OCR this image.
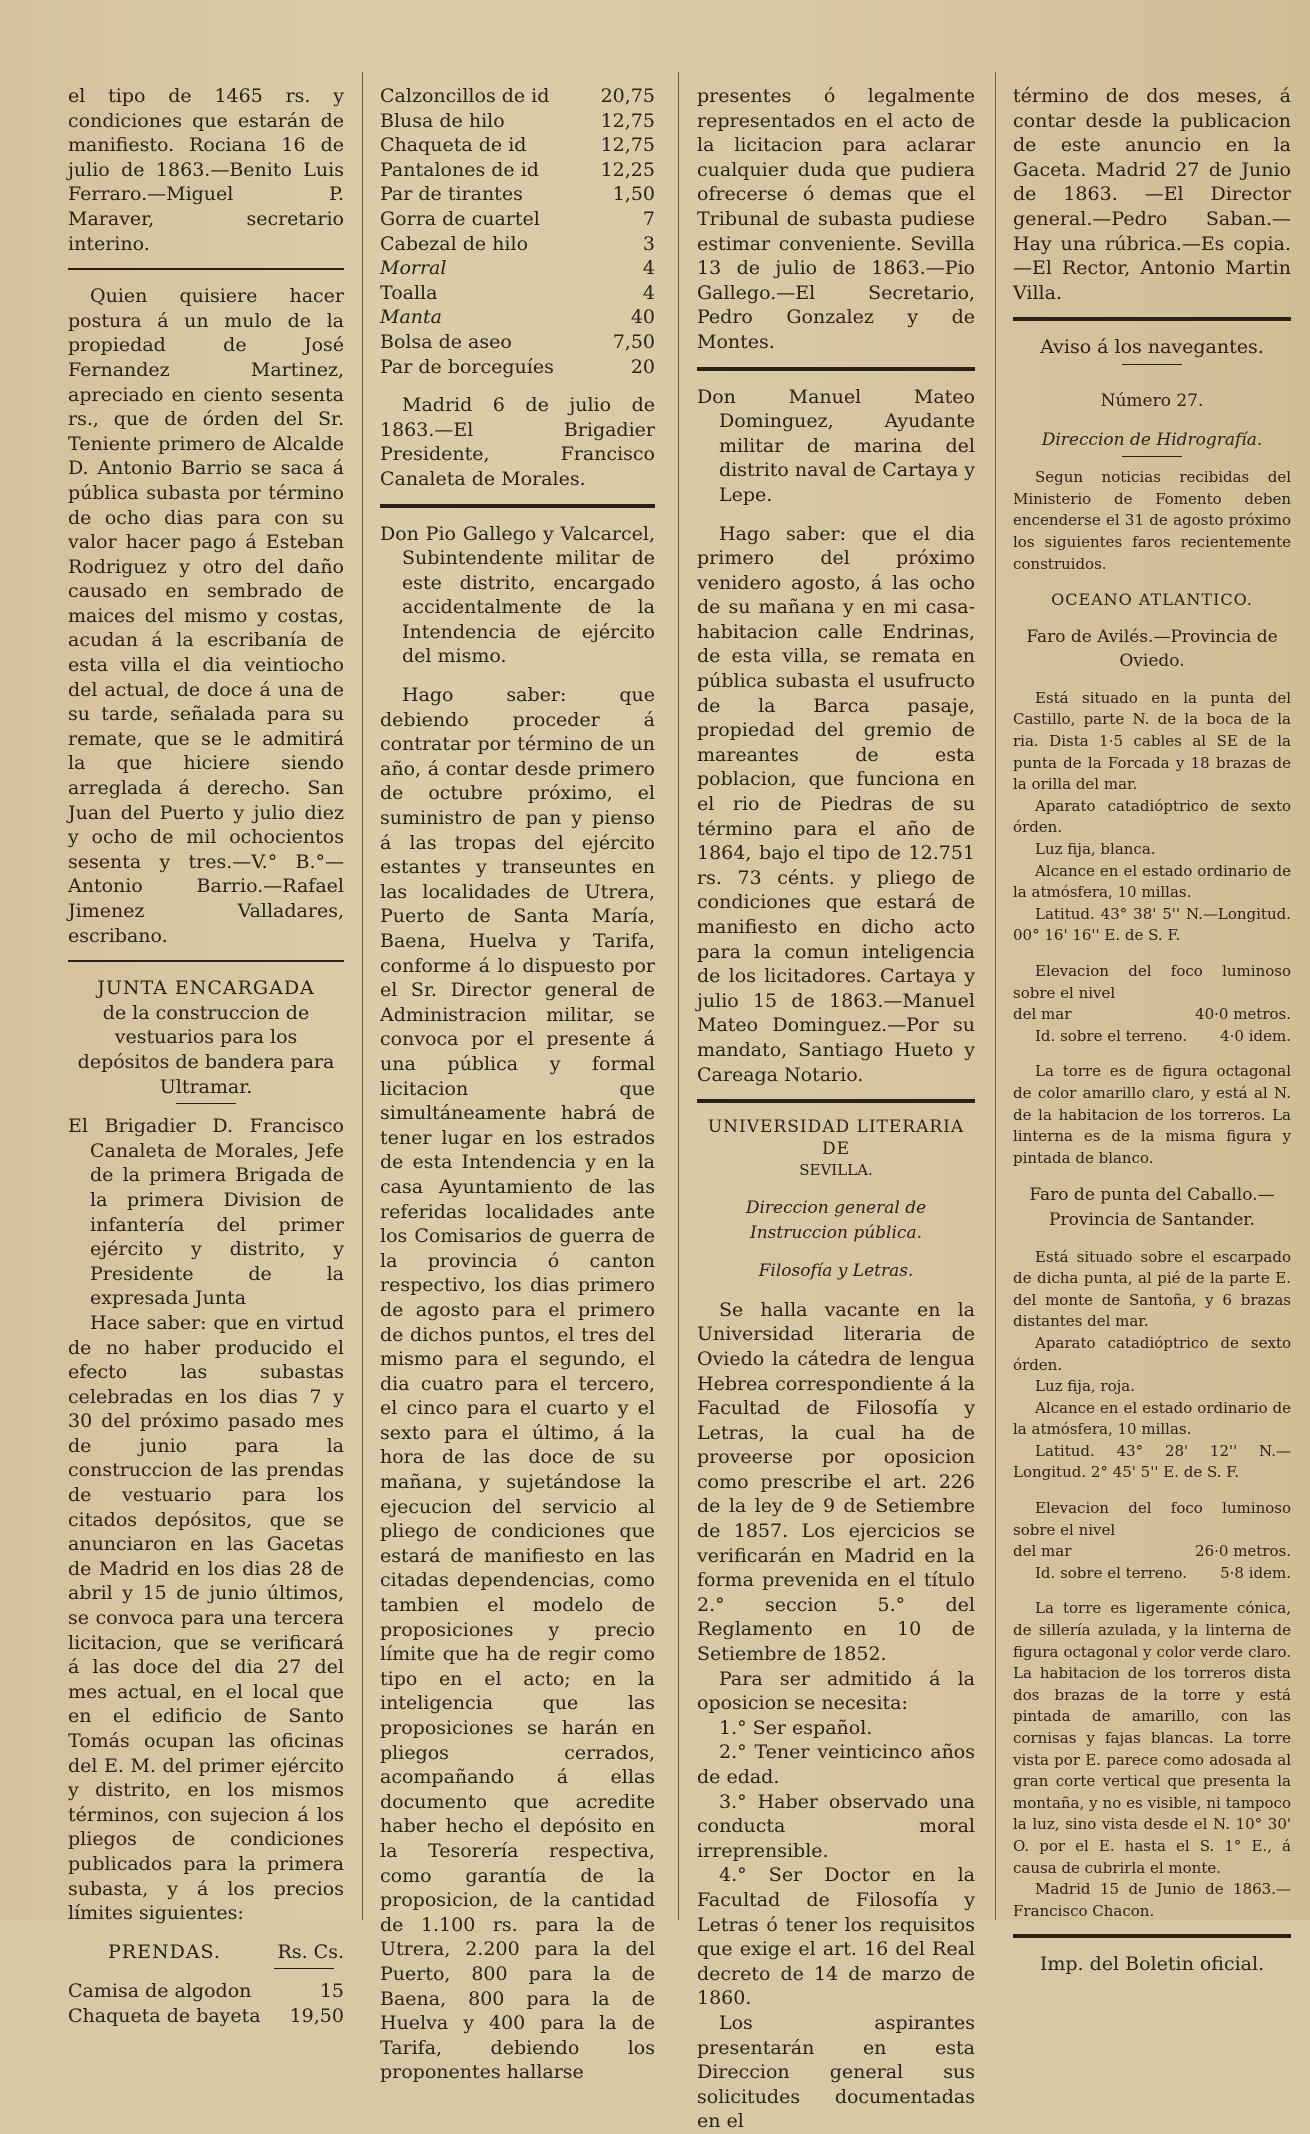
el tipo de 1465 rs. y condiciones que estarán de manifiesto. Rociana 16 de julio de 1863.—Benito Luis Ferraro.—Miguel P. Maraver, secretario interino.

Quien quisiere hacer postura á un mulo de la propiedad de José Fernandez Martinez, apreciado en ciento sesenta rs., que de órden del Sr. Teniente primero de Alcalde D. Antonio Barrio se saca á pública subasta por término de ocho dias para con su valor hacer pago á Esteban Rodriguez y otro del daño causado en sembrado de maices del mismo y costas, acudan á la escribanía de esta villa el dia veintiocho del actual, de doce á una de su tarde, señalada para su remate, que se le admitirá la que hiciere siendo arreglada á derecho. San Juan del Puerto y julio diez y ocho de mil ochocientos sesenta y tres.—V.° B.°—Antonio Barrio.—Rafael Jimenez Valladares, escribano.

JUNTA ENCARGADA

de la construccion de vestuarios para los depósitos de bandera para Ultramar.

El Brigadier D. Francisco Canaleta de Morales, Jefe de la primera Brigada de la primera Division de infantería del primer ejército y distrito, y Presidente de la expresada Junta

Hace saber: que en virtud de no haber producido el efecto las subastas celebradas en los dias 7 y 30 del próximo pasado mes de junio para la construccion de las prendas de vestuario para los citados depósitos, que se anunciaron en las Gacetas de Madrid en los dias 28 de abril y 15 de junio últimos, se convoca para una tercera licitacion, que se verificará á las doce del dia 27 del mes actual, en el local que en el edificio de Santo Tomás ocupan las oficinas del E. M. del primer ejército y distrito, en los mismos términos, con sujecion á los pliegos de condiciones publicados para la primera subasta, y á los precios límites siguientes:

PRENDAS.	Rs. Cs.
Camisa de algodon	15
Chaqueta de bayeta	19,50
Calzoncillos de id	20,75
Blusa de hilo	12,75
Chaqueta de id	12,75
Pantalones de id	12,25
Par de tirantes	1,50
Gorra de cuartel	7
Cabezal de hilo	3
Morral	4
Toalla	4
Manta	40
Bolsa de aseo	7,50
Par de borceguíes	20

Madrid 6 de julio de 1863.—El Brigadier Presidente, Francisco Canaleta de Morales.

Don Pio Gallego y Valcarcel, Subintendente militar de este distrito, encargado accidentalmente de la Intendencia de ejército del mismo.

Hago saber: que debiendo proceder á contratar por término de un año, á contar desde primero de octubre próximo, el suministro de pan y pienso á las tropas del ejército estantes y transeuntes en las localidades de Utrera, Puerto de Santa María, Baena, Huelva y Tarifa, conforme á lo dispuesto por el Sr. Director general de Administracion militar, se convoca por el presente á una pública y formal licitacion que simultáneamente habrá de tener lugar en los estrados de esta Intendencia y en la casa Ayuntamiento de las referidas localidades ante los Comisarios de guerra de la provincia ó canton respectivo, los dias primero de agosto para el primero de dichos puntos, el tres del mismo para el segundo, el dia cuatro para el tercero, el cinco para el cuarto y el sexto para el último, á la hora de las doce de su mañana, y sujetándose la ejecucion del servicio al pliego de condiciones que estará de manifiesto en las citadas dependencias, como tambien el modelo de proposiciones y precio límite que ha de regir como tipo en el acto; en la inteligencia que las proposiciones se harán en pliegos cerrados, acompañando á ellas documento que acredite haber hecho el depósito en la Tesorería respectiva, como garantía de la proposicion, de la cantidad de 1.100 rs. para la de Utrera, 2.200 para la del Puerto, 800 para la de Baena, 800 para la de Huelva y 400 para la de Tarifa, debiendo los proponentes hallarse

presentes ó legalmente representados en el acto de la licitacion para aclarar cualquier duda que pudiera ofrecerse ó demas que el Tribunal de subasta pudiese estimar conveniente. Sevilla 13 de julio de 1863.—Pio Gallego.—El Secretario, Pedro Gonzalez y de Montes.

Don Manuel Mateo Dominguez, Ayudante militar de marina del distrito naval de Cartaya y Lepe.

Hago saber: que el dia primero del próximo venidero agosto, á las ocho de su mañana y en mi casa-habitacion calle Endrinas, de esta villa, se remata en pública subasta el usufructo de la Barca pasaje, propiedad del gremio de mareantes de esta poblacion, que funciona en el rio de Piedras de su término para el año de 1864, bajo el tipo de 12.751 rs. 73 cénts. y pliego de condiciones que estará de manifiesto en dicho acto para la comun inteligencia de los licitadores. Cartaya y julio 15 de 1863.—Manuel Mateo Dominguez.—Por su mandato, Santiago Hueto y Careaga Notario.

UNIVERSIDAD LITERARIA DE

SEVILLA.

Direccion general de Instruccion pública.

Filosofía y Letras.

Se halla vacante en la Universidad literaria de Oviedo la cátedra de lengua Hebrea correspondiente á la Facultad de Filosofía y Letras, la cual ha de proveerse por oposicion como prescribe el art. 226 de la ley de 9 de Setiembre de 1857. Los ejercicios se verificarán en Madrid en la forma prevenida en el título 2.° seccion 5.° del Reglamento en 10 de Setiembre de 1852.

Para ser admitido á la oposicion se necesita:

1.° Ser español.

2.° Tener veinticinco años de edad.

3.° Haber observado una conducta moral irreprensible.

4.° Ser Doctor en la Facultad de Filosofía y Letras ó tener los requisitos que exige el art. 16 del Real decreto de 14 de marzo de 1860.

Los aspirantes presentarán en esta Direccion general sus solicitudes documentadas en el

término de dos meses, á contar desde la publicacion de este anuncio en la Gaceta. Madrid 27 de Junio de 1863. —El Director general.—Pedro Saban.—Hay una rúbrica.—Es copia.—El Rector, Antonio Martin Villa.

Aviso á los navegantes.

Número 27.

Direccion de Hidrografía.

Segun noticias recibidas del Ministerio de Fomento deben encenderse el 31 de agosto próximo los siguientes faros recientemente construidos.

OCEANO ATLANTICO.

Faro de Avilés.—Provincia de Oviedo.

Está situado en la punta del Castillo, parte N. de la boca de la ria. Dista 1·5 cables al SE de la punta de la Forcada y 18 brazas de la orilla del mar.

Aparato catadióptrico de sexto órden.

Luz fija, blanca.

Alcance en el estado ordinario de la atmósfera, 10 millas.

Latitud. 43° 38' 5'' N.—Longitud. 00° 16' 16'' E. de S. F.

Elevacion del foco luminoso sobre el nivel

del mar	40·0 metros.
Id. sobre el terreno.	4·0 idem.

La torre es de figura octagonal de color amarillo claro, y está al N. de la habitacion de los torreros. La linterna es de la misma figura y pintada de blanco.

Faro de punta del Caballo.—Provincia de Santander.

Está situado sobre el escarpado de dicha punta, al pié de la parte E. del monte de Santoña, y 6 brazas distantes del mar.

Aparato catadióptrico de sexto órden.

Luz fija, roja.

Alcance en el estado ordinario de la atmósfera, 10 millas.

Latitud. 43° 28' 12'' N.—Longitud. 2° 45' 5'' E. de S. F.

Elevacion del foco luminoso sobre el nivel

del mar	26·0 metros.
Id. sobre el terreno.	5·8 idem.

La torre es ligeramente cónica, de sillería azulada, y la linterna de figura octagonal y color verde claro. La habitacion de los torreros dista dos brazas de la torre y está pintada de amarillo, con las cornisas y fajas blancas. La torre vista por E. parece como adosada al gran corte vertical que presenta la montaña, y no es visible, ni tampoco la luz, sino vista desde el N. 10° 30' O. por el E. hasta el S. 1° E., á causa de cubrirla el monte.

Madrid 15 de Junio de 1863.—Francisco Chacon.

Imp. del Boletin oficial.
